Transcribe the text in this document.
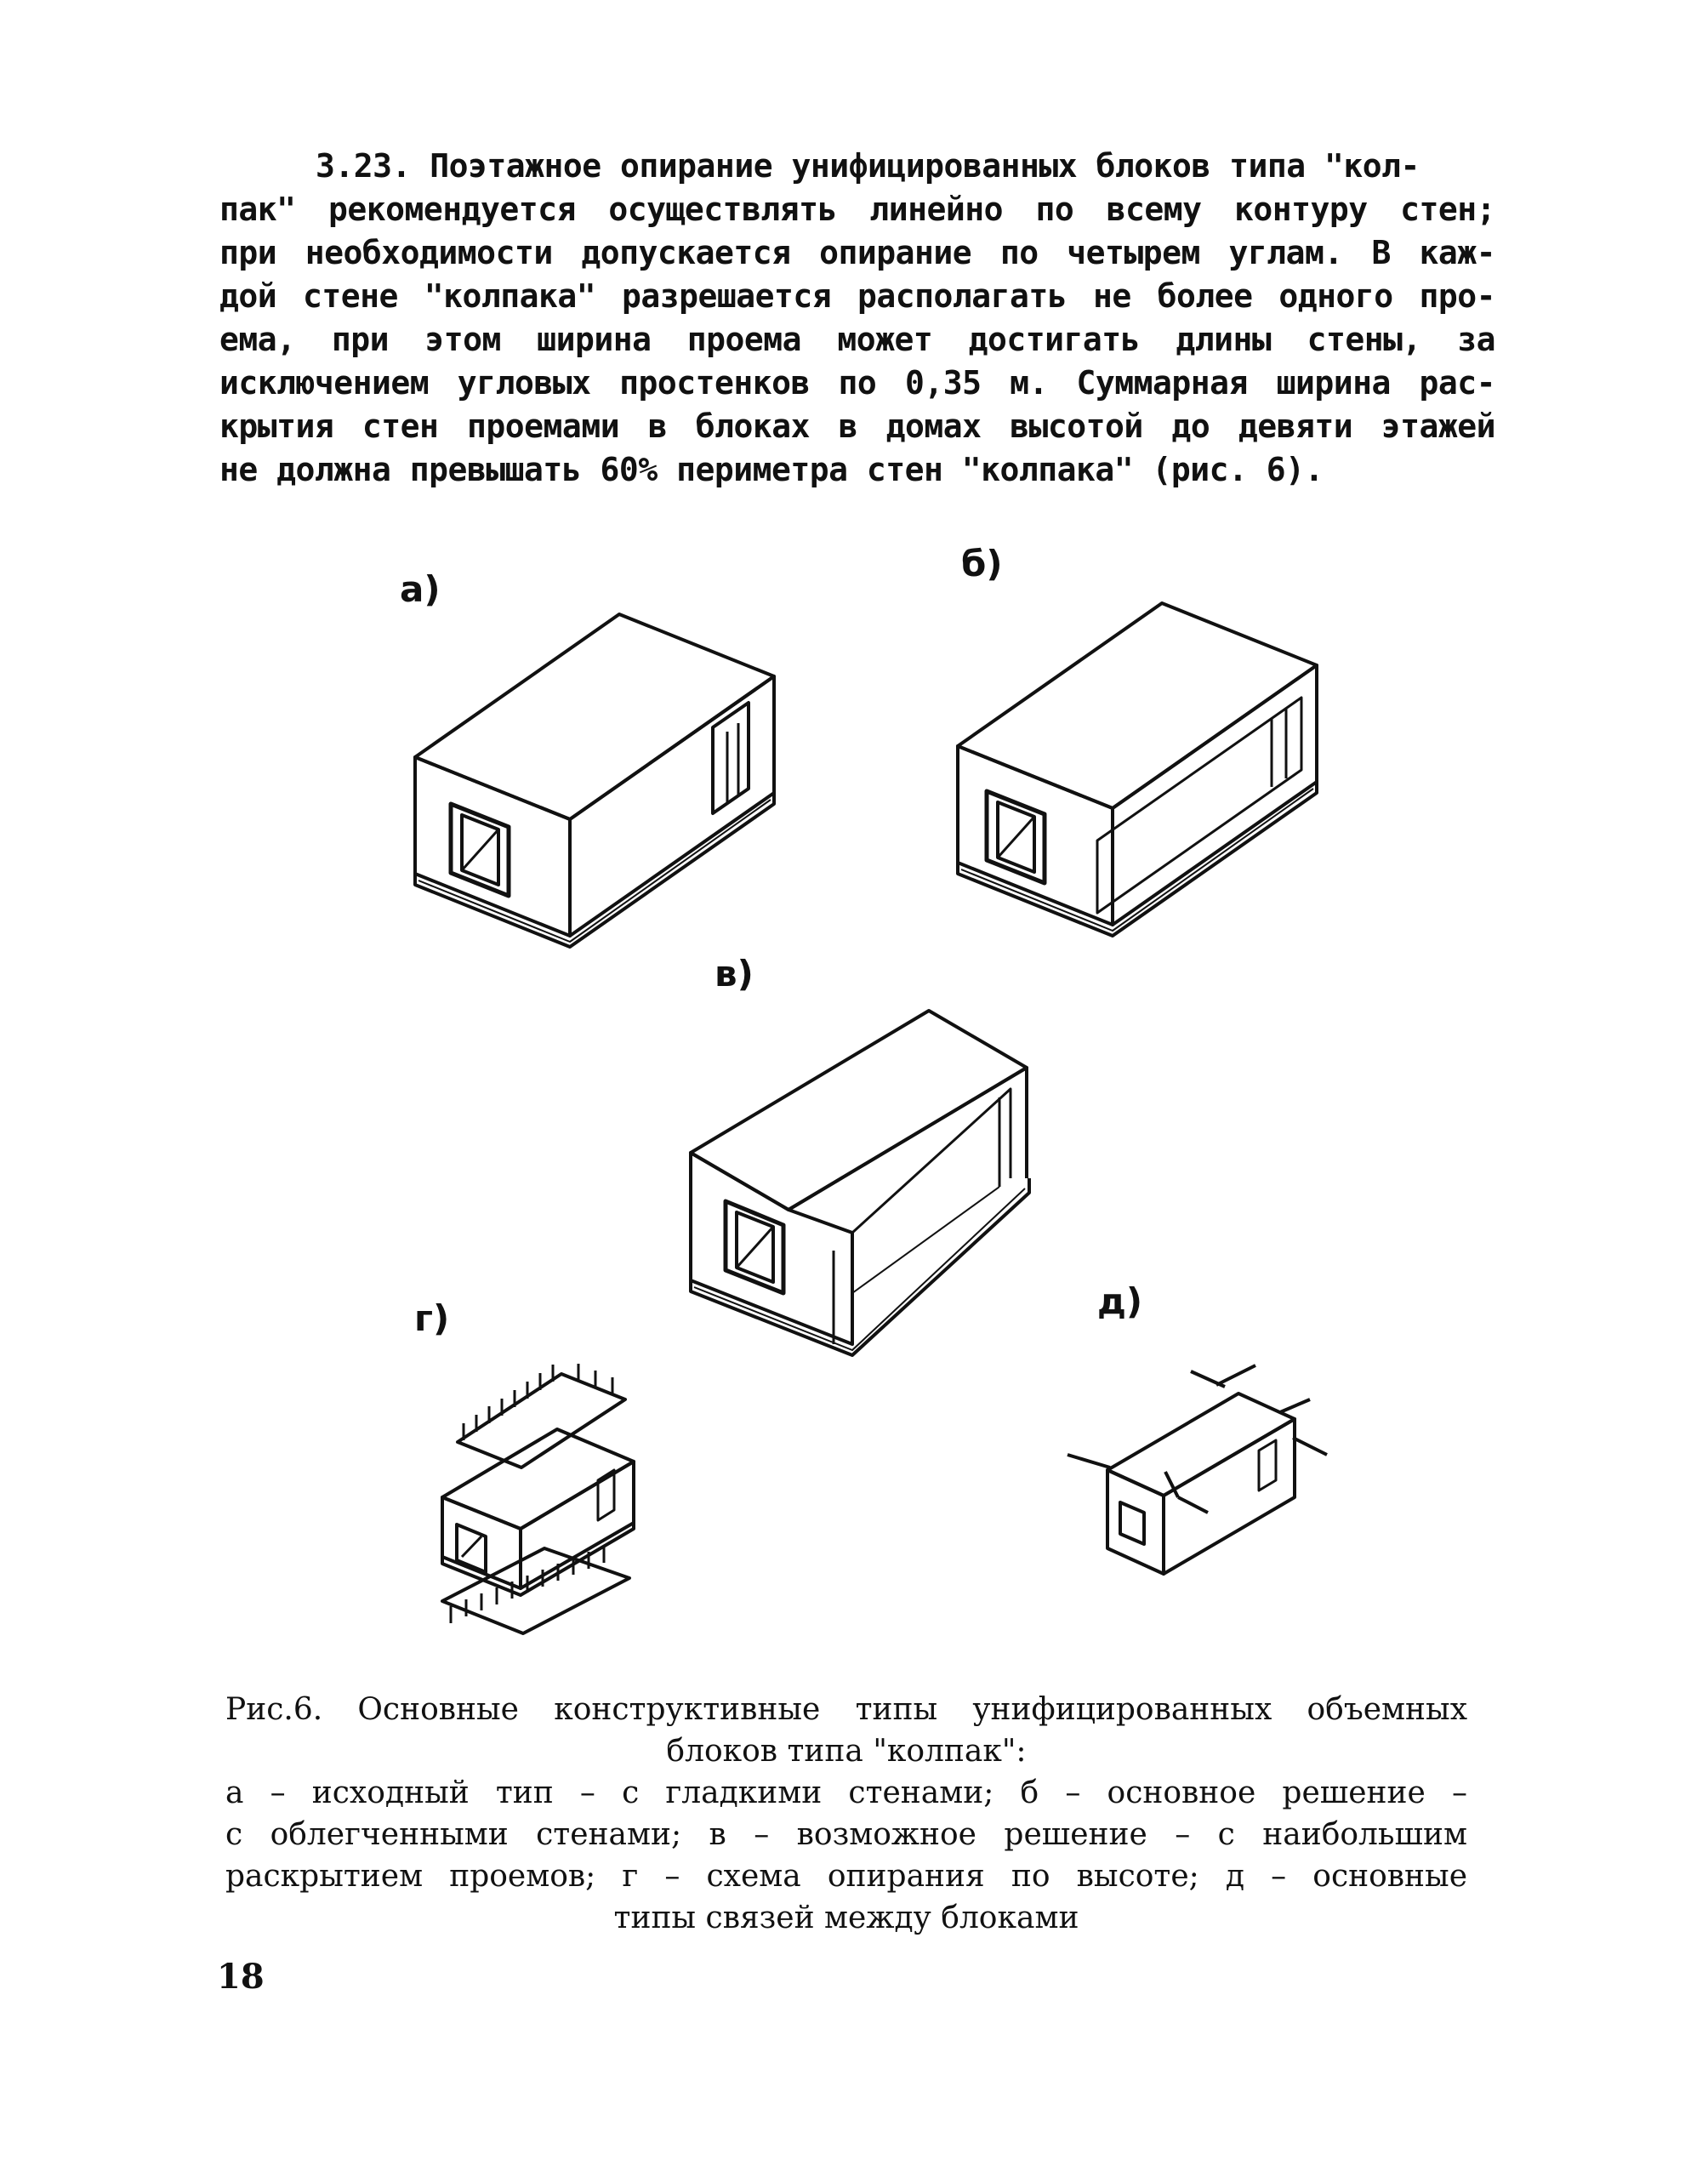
3.23. Поэтажное опирание унифицированных блоков типа "кол-
пак" рекомендуется осуществлять линейно по всему контуру стен;
при необходимости допускается опирание по четырем углам. В каж-
дой стене "колпака" разрешается располагать не более одного про-
ема, при этом ширина проема может достигать длины стены, за
исключением угловых простенков по 0,35 м. Суммарная ширина рас-
крытия стен проемами в блоках в домах высотой до девяти этажей
не должна превышать 60% периметра стен "колпака" (рис. 6).
а)
б)
в)
г)	д)
Рис.6. Основные конструктивные типы унифицированных объемных
блоков типа "колпак":
а – исходный тип – с гладкими стенами; б – основное решение –
с облегченными стенами; в – возможное решение – с наибольшим
раскрытием проемов; г – схема опирания по высоте; д – основные
типы связей между блоками
18
